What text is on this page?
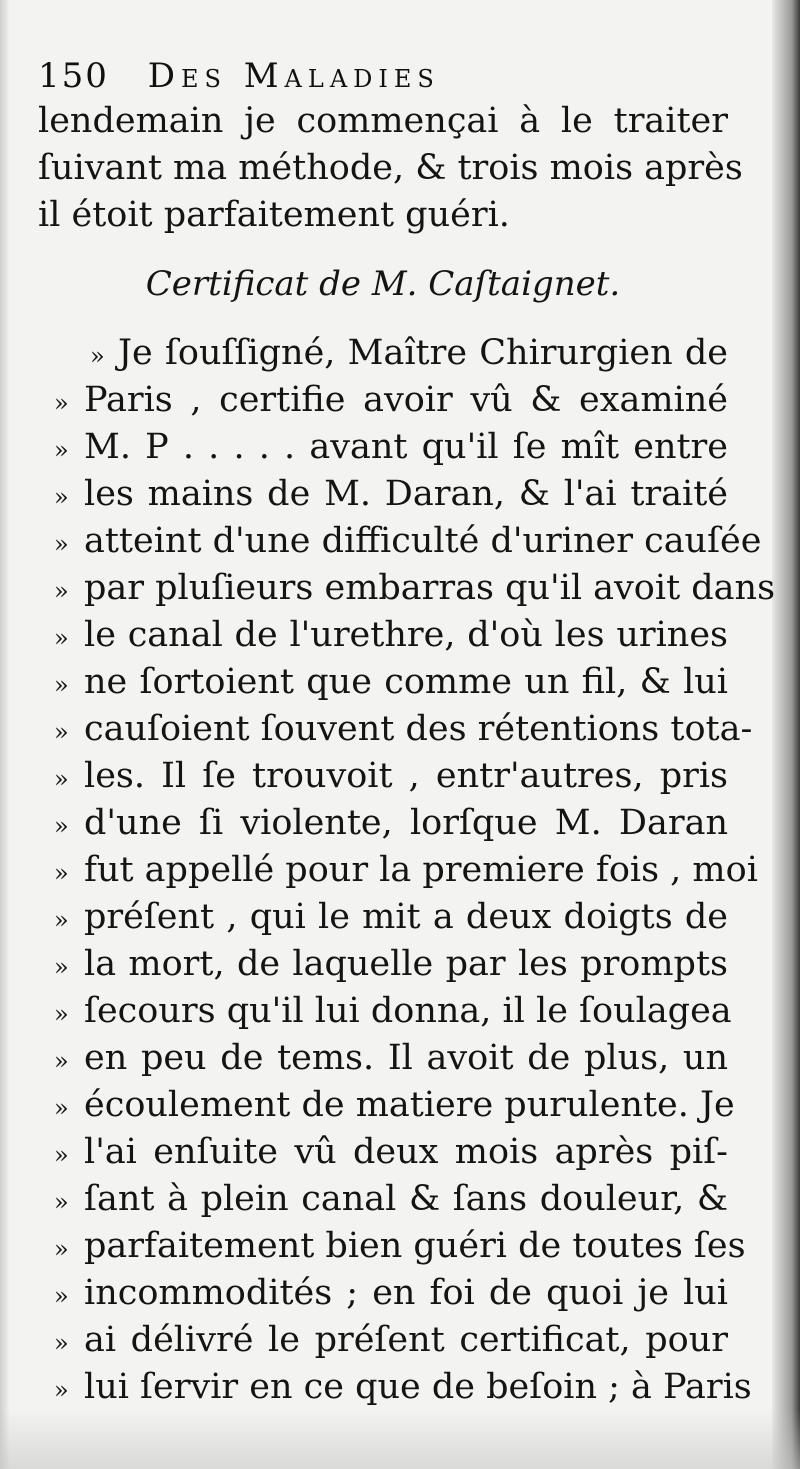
150 Des Maladies
lendemain je commençai à le traiter
ſuivant ma méthode, & trois mois après
il étoit parfaitement guéri.
Certificat de M. Caſtaignet.
» Je ſouſſigné, Maître Chirurgien de
» Paris , certifie avoir vû & examiné
» M. P . . . . . avant qu'il ſe mît entre
» les mains de M. Daran, & l'ai traité
» atteint d'une difficulté d'uriner cauſée
» par pluſieurs embarras qu'il avoit dans
» le canal de l'urethre, d'où les urines
» ne ſortoient que comme un fil, & lui
» cauſoient ſouvent des rétentions tota-
» les. Il ſe trouvoit , entr'autres, pris
» d'une ſi violente, lorſque M. Daran
» fut appellé pour la premiere fois , moi
» préſent , qui le mit a deux doigts de
» la mort, de laquelle par les prompts
» ſecours qu'il lui donna, il le ſoulagea
» en peu de tems. Il avoit de plus, un
» écoulement de matiere purulente. Je
» l'ai enſuite vû deux mois après piſ-
» ſant à plein canal & ſans douleur, &
» parfaitement bien guéri de toutes ſes
» incommodités ; en foi de quoi je lui
» ai délivré le préſent certificat, pour
» lui ſervir en ce que de beſoin ; à Paris
